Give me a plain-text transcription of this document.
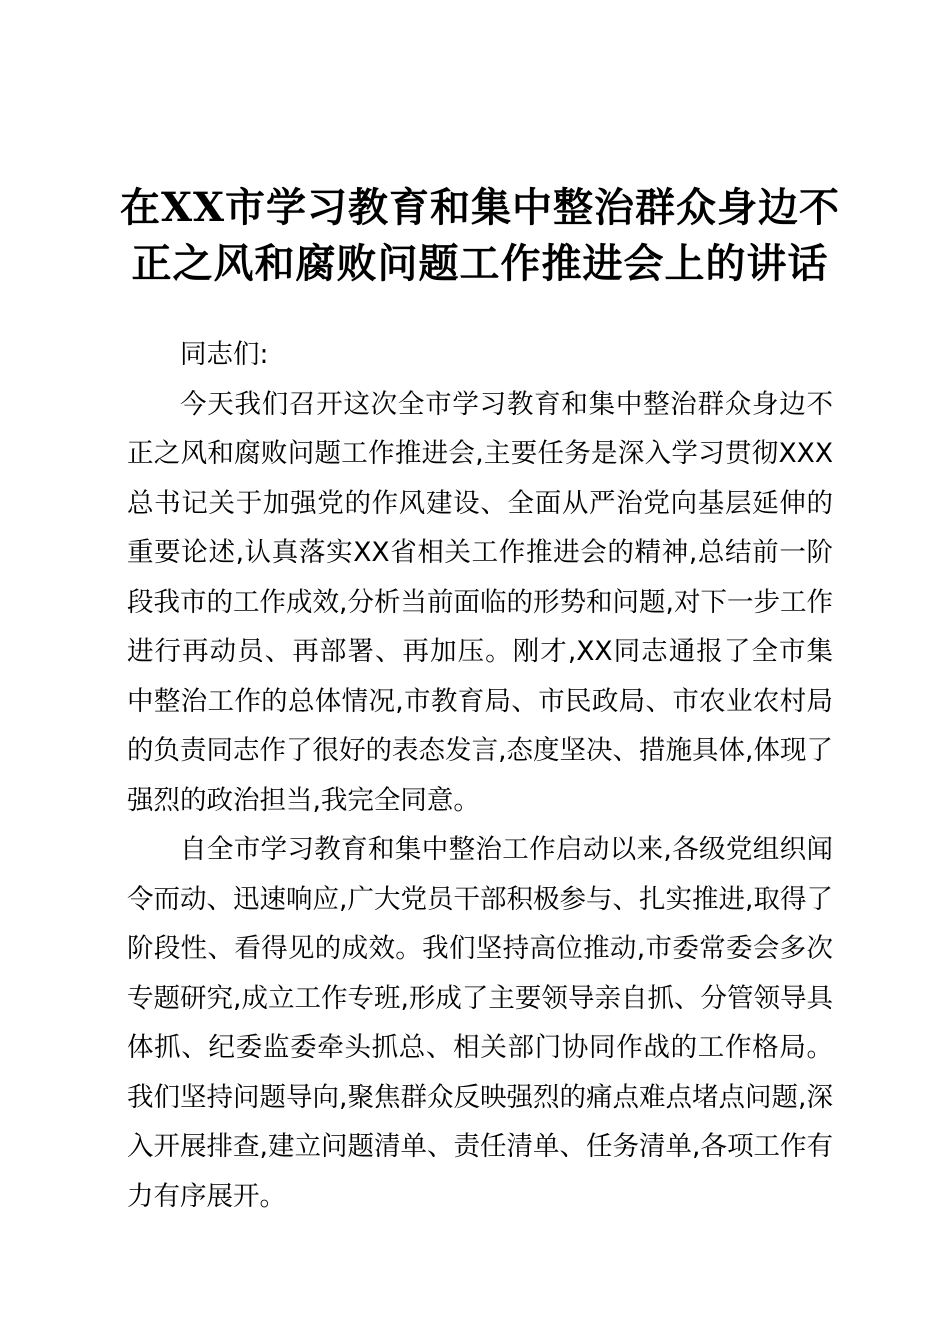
在XX市学习教育和集中整治群众身边不正之风和腐败问题工作推进会上的讲话

同志们:

今天我们召开这次全市学习教育和集中整治群众身边不正之风和腐败问题工作推进会,主要任务是深入学习贯彻XXX总书记关于加强党的作风建设、全面从严治党向基层延伸的重要论述,认真落实XX省相关工作推进会的精神,总结前一阶段我市的工作成效,分析当前面临的形势和问题,对下一步工作进行再动员、再部署、再加压。刚才,XX同志通报了全市集中整治工作的总体情况,市教育局、市民政局、市农业农村局的负责同志作了很好的表态发言,态度坚决、措施具体,体现了强烈的政治担当,我完全同意。

自全市学习教育和集中整治工作启动以来,各级党组织闻令而动、迅速响应,广大党员干部积极参与、扎实推进,取得了阶段性、看得见的成效。我们坚持高位推动,市委常委会多次专题研究,成立工作专班,形成了主要领导亲自抓、分管领导具体抓、纪委监委牵头抓总、相关部门协同作战的工作格局。我们坚持问题导向,聚焦群众反映强烈的痛点难点堵点问题,深入开展排查,建立问题清单、责任清单、任务清单,各项工作有力有序展开。
